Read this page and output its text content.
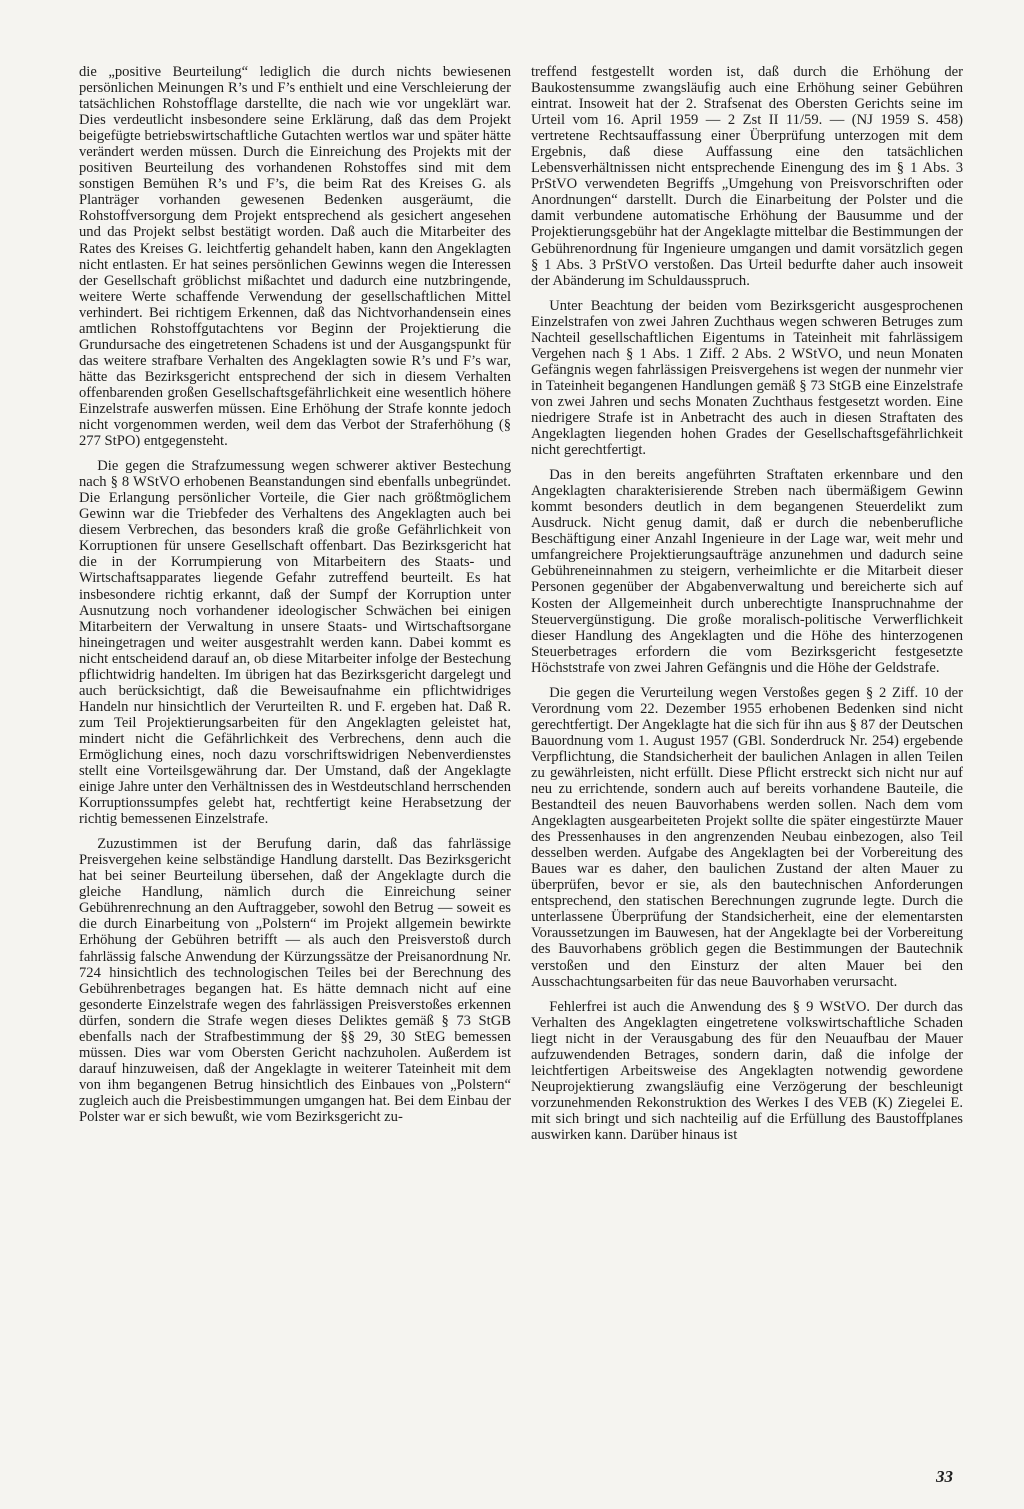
die „positive Beurteilung“ lediglich die durch nichts bewiesenen persönlichen Meinungen R’s und F’s enthielt und eine Verschleierung der tatsächlichen Rohstofflage darstellte, die nach wie vor ungeklärt war. Dies verdeutlicht insbesondere seine Erklärung, daß das dem Projekt beigefügte betriebswirtschaftliche Gutachten wertlos war und später hätte verändert werden müssen. Durch die Einreichung des Projekts mit der positiven Beurteilung des vorhandenen Rohstoffes sind mit dem sonstigen Bemühen R’s und F’s, die beim Rat des Kreises G. als Planträger vorhanden gewesenen Bedenken ausgeräumt, die Rohstoffversorgung dem Projekt entsprechend als gesichert angesehen und das Projekt selbst bestätigt worden. Daß auch die Mitarbeiter des Rates des Kreises G. leichtfertig gehandelt haben, kann den Angeklagten nicht entlasten. Er hat seines persönlichen Gewinns wegen die Interessen der Gesellschaft gröblichst mißachtet und dadurch eine nutzbringende, weitere Werte schaffende Verwendung der gesellschaftlichen Mittel verhindert. Bei richtigem Erkennen, daß das Nichtvorhandensein eines amtlichen Rohstoffgutachtens vor Beginn der Projektierung die Grundursache des eingetretenen Schadens ist und der Ausgangspunkt für das weitere strafbare Verhalten des Angeklagten sowie R’s und F’s war, hätte das Bezirksgericht entsprechend der sich in diesem Verhalten offenbarenden großen Gesellschaftsgefährlichkeit eine wesentlich höhere Einzelstrafe auswerfen müssen. Eine Erhöhung der Strafe konnte jedoch nicht vorgenommen werden, weil dem das Verbot der Straferhöhung (§ 277 StPO) entgegensteht.

Die gegen die Strafzumessung wegen schwerer aktiver Bestechung nach § 8 WStVO erhobenen Beanstandungen sind ebenfalls unbegründet. Die Erlangung persönlicher Vorteile, die Gier nach größtmöglichem Gewinn war die Triebfeder des Verhaltens des Angeklagten auch bei diesem Verbrechen, das besonders kraß die große Gefährlichkeit von Korruptionen für unsere Gesellschaft offenbart. Das Bezirksgericht hat die in der Korrumpierung von Mitarbeitern des Staats- und Wirtschaftsapparates liegende Gefahr zutreffend beurteilt. Es hat insbesondere richtig erkannt, daß der Sumpf der Korruption unter Ausnutzung noch vorhandener ideologischer Schwächen bei einigen Mitarbeitern der Verwaltung in unsere Staats- und Wirtschaftsorgane hineingetragen und weiter ausgestrahlt werden kann. Dabei kommt es nicht entscheidend darauf an, ob diese Mitarbeiter infolge der Bestechung pflichtwidrig handelten. Im übrigen hat das Bezirksgericht dargelegt und auch berücksichtigt, daß die Beweisaufnahme ein pflichtwidriges Handeln nur hinsichtlich der Verurteilten R. und F. ergeben hat. Daß R. zum Teil Projektierungsarbeiten für den Angeklagten geleistet hat, mindert nicht die Gefährlichkeit des Verbrechens, denn auch die Ermöglichung eines, noch dazu vorschriftswidrigen Nebenverdienstes stellt eine Vorteilsgewährung dar. Der Umstand, daß der Angeklagte einige Jahre unter den Verhältnissen des in Westdeutschland herrschenden Korruptionssumpfes gelebt hat, rechtfertigt keine Herabsetzung der richtig bemessenen Einzelstrafe.

Zuzustimmen ist der Berufung darin, daß das fahrlässige Preisvergehen keine selbständige Handlung darstellt. Das Bezirksgericht hat bei seiner Beurteilung übersehen, daß der Angeklagte durch die gleiche Handlung, nämlich durch die Einreichung seiner Gebührenrechnung an den Auftraggeber, sowohl den Betrug — soweit es die durch Einarbeitung von „Polstern“ im Projekt allgemein bewirkte Erhöhung der Gebühren betrifft — als auch den Preisverstoß durch fahrlässig falsche Anwendung der Kürzungssätze der Preisanordnung Nr. 724 hinsichtlich des technologischen Teiles bei der Berechnung des Gebührenbetrages begangen hat. Es hätte demnach nicht auf eine gesonderte Einzelstrafe wegen des fahrlässigen Preisverstoßes erkennen dürfen, sondern die Strafe wegen dieses Deliktes gemäß § 73 StGB ebenfalls nach der Strafbestimmung der §§ 29, 30 StEG bemessen müssen. Dies war vom Obersten Gericht nachzuholen. Außerdem ist darauf hinzuweisen, daß der Angeklagte in weiterer Tateinheit mit dem von ihm begangenen Betrug hinsichtlich des Einbaues von „Polstern“ zugleich auch die Preisbestimmungen umgangen hat. Bei dem Einbau der Polster war er sich bewußt, wie vom Bezirksgericht zu-

treffend festgestellt worden ist, daß durch die Erhöhung der Baukostensumme zwangsläufig auch eine Erhöhung seiner Gebühren eintrat. Insoweit hat der 2. Strafsenat des Obersten Gerichts seine im Urteil vom 16. April 1959 — 2 Zst II 11/59. — (NJ 1959 S. 458) vertretene Rechtsauffassung einer Überprüfung unterzogen mit dem Ergebnis, daß diese Auffassung eine den tatsächlichen Lebensverhältnissen nicht entsprechende Einengung des im § 1 Abs. 3 PrStVO verwendeten Begriffs „Umgehung von Preisvorschriften oder Anordnungen“ darstellt. Durch die Einarbeitung der Polster und die damit verbundene automatische Erhöhung der Bausumme und der Projektierungsgebühr hat der Angeklagte mittelbar die Bestimmungen der Gebührenordnung für Ingenieure umgangen und damit vorsätzlich gegen § 1 Abs. 3 PrStVO verstoßen. Das Urteil bedurfte daher auch insoweit der Abänderung im Schuldausspruch.

Unter Beachtung der beiden vom Bezirksgericht ausgesprochenen Einzelstrafen von zwei Jahren Zuchthaus wegen schweren Betruges zum Nachteil gesellschaftlichen Eigentums in Tateinheit mit fahrlässigem Vergehen nach § 1 Abs. 1 Ziff. 2 Abs. 2 WStVO, und neun Monaten Gefängnis wegen fahrlässigen Preisvergehens ist wegen der nunmehr vier in Tateinheit begangenen Handlungen gemäß § 73 StGB eine Einzelstrafe von zwei Jahren und sechs Monaten Zuchthaus festgesetzt worden. Eine niedrigere Strafe ist in Anbetracht des auch in diesen Straftaten des Angeklagten liegenden hohen Grades der Gesellschaftsgefährlichkeit nicht gerechtfertigt.

Das in den bereits angeführten Straftaten erkennbare und den Angeklagten charakterisierende Streben nach übermäßigem Gewinn kommt besonders deutlich in dem begangenen Steuerdelikt zum Ausdruck. Nicht genug damit, daß er durch die nebenberufliche Beschäftigung einer Anzahl Ingenieure in der Lage war, weit mehr und umfangreichere Projektierungsaufträge anzunehmen und dadurch seine Gebühreneinnahmen zu steigern, verheimlichte er die Mitarbeit dieser Personen gegenüber der Abgabenverwaltung und bereicherte sich auf Kosten der Allgemeinheit durch unberechtigte Inanspruchnahme der Steuervergünstigung. Die große moralisch-politische Verwerflichkeit dieser Handlung des Angeklagten und die Höhe des hinterzogenen Steuerbetrages erfordern die vom Bezirksgericht festgesetzte Höchststrafe von zwei Jahren Gefängnis und die Höhe der Geldstrafe.

Die gegen die Verurteilung wegen Verstoßes gegen § 2 Ziff. 10 der Verordnung vom 22. Dezember 1955 erhobenen Bedenken sind nicht gerechtfertigt. Der Angeklagte hat die sich für ihn aus § 87 der Deutschen Bauordnung vom 1. August 1957 (GBl. Sonderdruck Nr. 254) ergebende Verpflichtung, die Standsicherheit der baulichen Anlagen in allen Teilen zu gewährleisten, nicht erfüllt. Diese Pflicht erstreckt sich nicht nur auf neu zu errichtende, sondern auch auf bereits vorhandene Bauteile, die Bestandteil des neuen Bauvorhabens werden sollen. Nach dem vom Angeklagten ausgearbeiteten Projekt sollte die später eingestürzte Mauer des Pressenhauses in den angrenzenden Neubau einbezogen, also Teil desselben werden. Aufgabe des Angeklagten bei der Vorbereitung des Baues war es daher, den baulichen Zustand der alten Mauer zu überprüfen, bevor er sie, als den bautechnischen Anforderungen entsprechend, den statischen Berechnungen zugrunde legte. Durch die unterlassene Überprüfung der Standsicherheit, eine der elementarsten Voraussetzungen im Bauwesen, hat der Angeklagte bei der Vorbereitung des Bauvorhabens gröblich gegen die Bestimmungen der Bautechnik verstoßen und den Einsturz der alten Mauer bei den Ausschachtungsarbeiten für das neue Bauvorhaben verursacht.

Fehlerfrei ist auch die Anwendung des § 9 WStVO. Der durch das Verhalten des Angeklagten eingetretene volkswirtschaftliche Schaden liegt nicht in der Verausgabung des für den Neuaufbau der Mauer aufzuwendenden Betrages, sondern darin, daß die infolge der leichtfertigen Arbeitsweise des Angeklagten notwendig gewordene Neuprojektierung zwangsläufig eine Verzögerung der beschleunigt vorzunehmenden Rekonstruktion des Werkes I des VEB (K) Ziegelei E. mit sich bringt und sich nachteilig auf die Erfüllung des Baustoffplanes auswirken kann. Darüber hinaus ist

33
